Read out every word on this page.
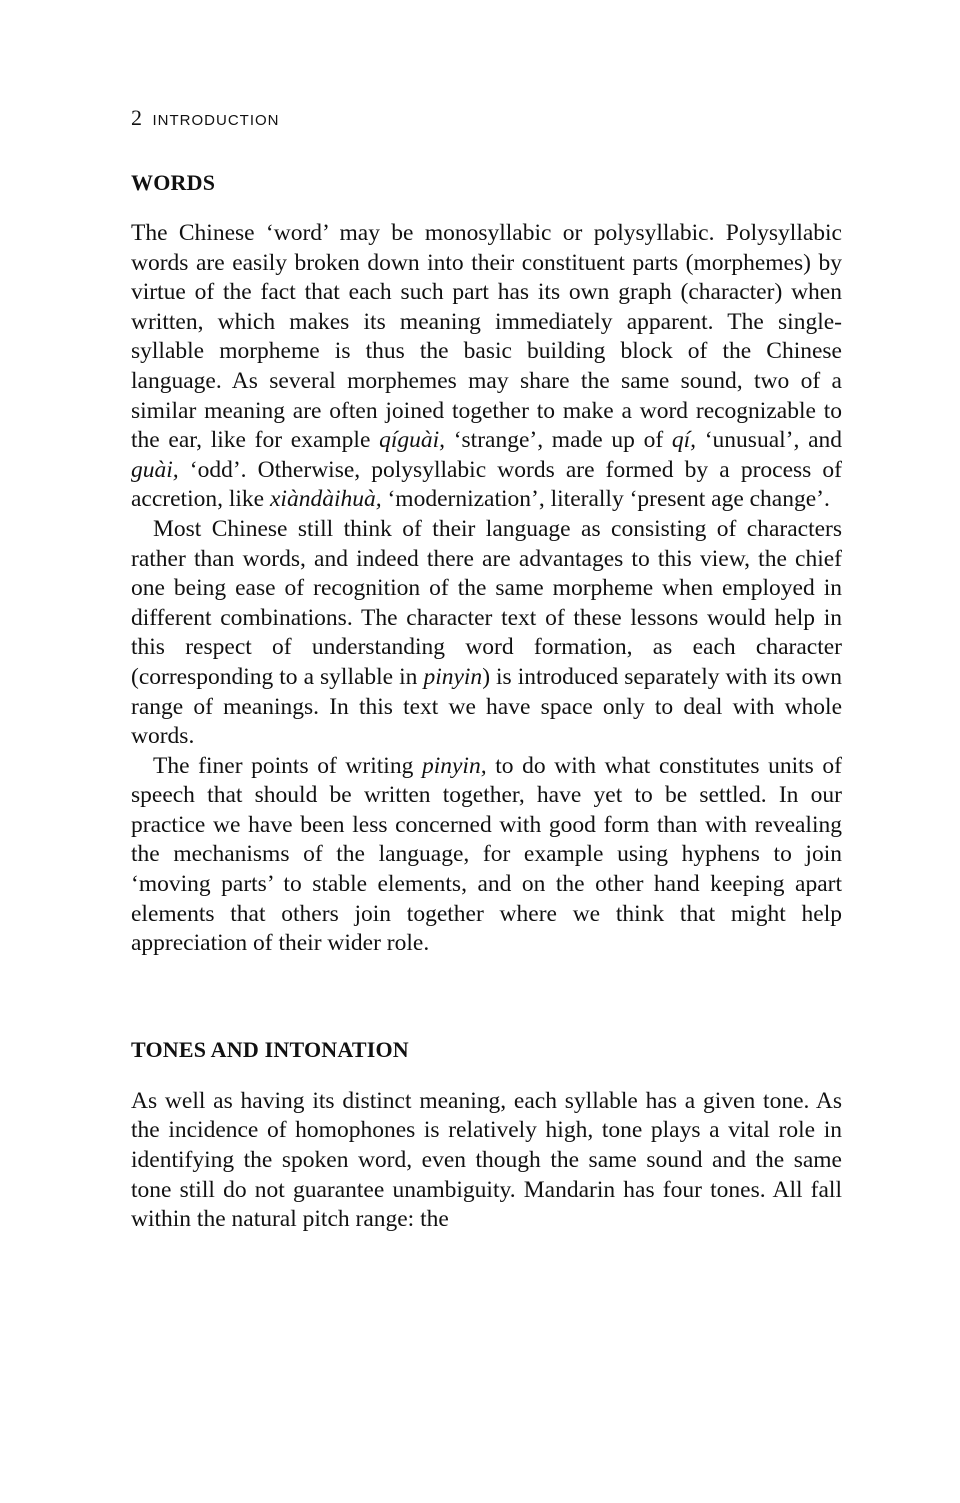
2 INTRODUCTION
WORDS

The Chinese ‘word’ may be monosyllabic or polysyllabic. Polysyllabic words are easily broken down into their constituent parts (morphemes) by virtue of the fact that each such part has its own graph (character) when written, which makes its meaning immediately apparent. The single-syllable morpheme is thus the basic building block of the Chinese language. As several morphemes may share the same sound, two of a similar meaning are often joined together to make a word recognizable to the ear, like for example qíguài, ‘strange’, made up of qí, ‘unusual’, and guài, ‘odd’. Otherwise, polysyllabic words are formed by a process of accretion, like xiàndàihuà, ‘modernization’, literally ‘present age change’.

Most Chinese still think of their language as consisting of characters rather than words, and indeed there are advantages to this view, the chief one being ease of recognition of the same morpheme when employed in different combinations. The character text of these lessons would help in this respect of understanding word formation, as each character (corresponding to a syllable in pinyin) is introduced separately with its own range of meanings. In this text we have space only to deal with whole words.

The finer points of writing pinyin, to do with what constitutes units of speech that should be written together, have yet to be settled. In our practice we have been less concerned with good form than with revealing the mechanisms of the language, for example using hyphens to join ‘moving parts’ to stable elements, and on the other hand keeping apart elements that others join together where we think that might help appreciation of their wider role.

TONES AND INTONATION

As well as having its distinct meaning, each syllable has a given tone. As the incidence of homophones is relatively high, tone plays a vital role in identifying the spoken word, even though the same sound and the same tone still do not guarantee unambiguity. Mandarin has four tones. All fall within the natural pitch range: the
